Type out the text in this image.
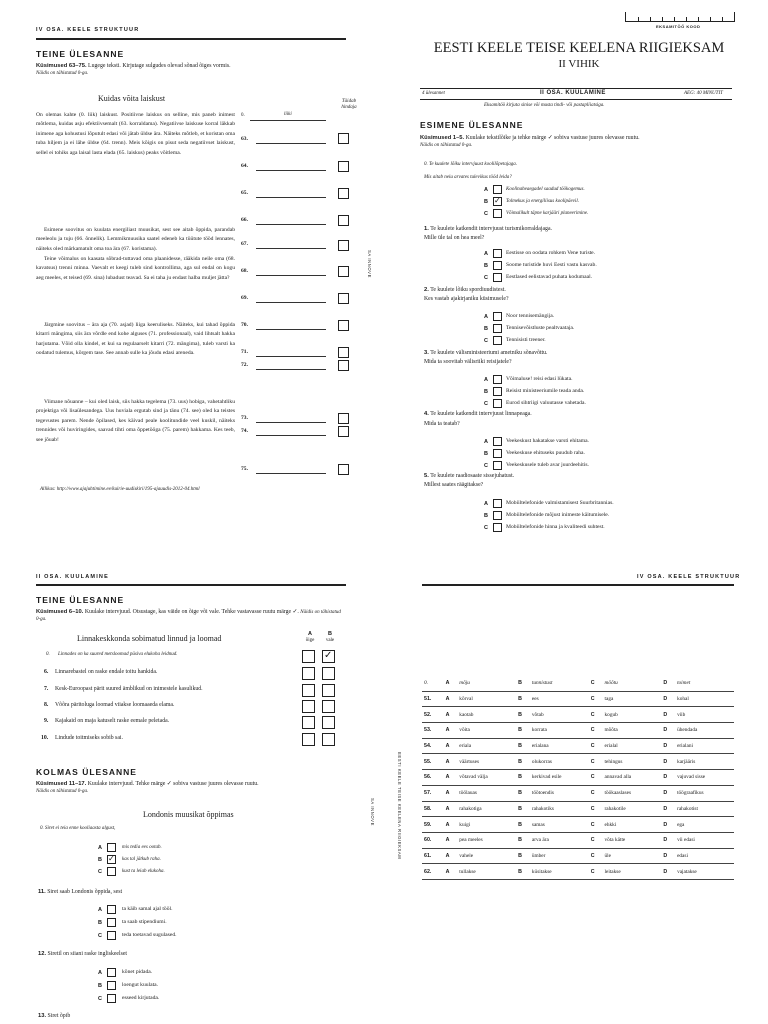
IV OSA. KEELE STRUKTUUR
TEINE ÜLESANNE
Küsimused 63–75. Lugege teksti. Kirjutage sulgudes olevad sõnad õiges vormis.
Näidis on tähistatud 0-ga.
Kuidas võita laiskust	Täidab
hindaja
On olemas kahte (0. liik) laiskust. Positiivne laiskus on selline, mis paneb inimest mõtlema, kuidas asju efektiivsemalt (63. korraldama). Negatiivse laiskuse korral läkkab inimene aga kohustusi lõputult edasi või jätab üldse ära. Näiteks mõtleb, et koristan oma tuba hiljem ja ei lähe üldse (64. trenn). Meis kõigis on pisut seda negatiivset laiskust, sellel ei tohiks aga laisal lasta elada (65. laiskus) peaks võitlema.
Esimene soovitus on kuulata energiliast muusikat, sest see aitab õppida, parandab meeleolu ja tuju (66. õnnelik). Lemmikmuusika saatel edeneb ka tüütute tööd lennates, näiteks oled märkamatult oma toa ära (67. koristama).
Teine võimalus on kaasata sõbrad-tuttavad oma plaanidesse, rääkida neile oma (68. kavatsus) trenni minna. Vaevalt et keegi tuleb sind kontrollima, aga sul endal on kogu aeg meeles, et teised (69. sina) lubadust teavad. Sa ei taha ju endast halba muljet jätta?
Järgmine soovitus – ära aja (70. asjad) liiga keeruliseks. Näiteks, kui tahad õppida kitarri mängima, siis ära võrdle end kohe alguses (71. professionaal), vaid lihtsalt hakka harjutama. Võid olla kindel, et kui sa regulaarselt kitarri (72. mängima), tuleb varsti ka oodatud tulemus, kõrgem tase. See annab sulle ka jõudu edasi areneda.
Viimane nõuanne – kui oled laisk, siis hakka tegelema (73. uus) hobiga, vahetahtliku projektiga või lisaülesandega. Uus huviala ergutab sind ja tänu (74. see) oled ka teistes tegevustes parem. Nende õpilased, kes käivad peale koolitundide veel kuskil, näiteks trennides või huviringides, saavad tihti oma õppetööga (75. parem) hakkama. Kes teeb, see jõuab!
SA INNOVE
0.	liiki
63.
64.
65.
66.
67.
68.
69.
70.
71.
72.
73.
74.
75.
Allikas: http://www.ajajuhtimine.ee/kuirie-uudiskiri/195-ajauudis-2012-04.html
EKSAMITÖÖ KOOD
EESTI KEELE TEISE KEELENA RIIGIEKSAM
II VIHIK
4 ülesannet	II OSA. KUULAMINE	AEG: 40 MINUTIT
Eksamitöö kirjuta sinise või musta tindi- või pastapliiatsiga.
ESIMENE ÜLESANNE
Küsimused 1–5. Kuulake tekstilõike ja tehke märge ✓ sobiva vastuse juures olevasse ruutu.
Näidis on tähistatud 0-ga.
0. Te kuulete lõiku intervjuust koolilõpetajaga.
Mis aitab neiu arvates tulevikus tööd leida?
A	Koolinaheaegadel saadud töökogemus.
B ✓ Tolmekus ja energiliisus koolipäevil.
C	Võimalikult täpne karjääri planeerimine.
1. Te kuulete katkendit intervjuust turismikorraldajaga.
Mille üle tal on hea meel?
A	Eestisse on oodata rohkem Vene turiste.
B	Soome turistide huvi Eesti vastu kasvab.
C	Eestlased eelistavad puhata kodumaal.
2. Te kuulete lõiku spordiuudistest.
Kes vastab ajakirjaniku küsimusele?
A	Noor tennisemängija.
B	Tennisevõistluste pealtvaataja.
C	Tennisisti treener.
3. Te kuulete välisministeeriumi ametniku sõnavõttu.
Mida ta soovitab välisriiki reisijatele?
A	Võimaluse! reisi edasi lükata.
B	Reisist ministeeriumile teada anda.
C	Eurod sihtriigi valuutasse vahetada.
4. Te kuulete katkendit intervjuust linnapeaga.
Mida ta teatab?
A	Veekeskust hakatakse varsti ehitama.
B	Veekeskuse ehituseks puudub raha.
C	Veekeskusele tuleb avar juurdeehitis.
5. Te kuulete raadiosaate sissejuhatust.
Millest saates räägitakse?
A	Mobiiltelefonide valmistamisest Suurbritannias.
B	Mobiiltelefonide mõjust inimeste käitumisele.
C	Mobiiltelefonide hinna ja kvaliteedi suhtest.
II OSA. KUULAMINE
TEINE ÜLESANNE
Küsimused 6–10. Kuulake intervjuud. Otsustage, kas väide on õige või vale. Tehke vastavasse ruutu märge ✓. Näidis on tähistatud 0-ga.
Linnakeskkonda sobimatud linnud ja loomad	A
õige
B
vale
0. Linnades on ka suured metsloomad püsiva elukoha leidnud.	✓
6. Linnarebastel on raske endale toitu hankida.
7. Kesk-Euroopast pärit suured ämblikud on inimestele kasulikud.
8. Võõra päritoluga loomad viiakse loomaaeda elama.
9. Kajakaid on maja katuselt raske eemale peletada.
10. Lindude toitmiseks sobib sai.
KOLMAS ÜLESANNE
Küsimused 11–17. Kuulake intervjuud. Tehke märge ✓ sobiva vastuse juures olevasse ruutu.
Näidis on tähistatud 0-ga.
Londonis muusikat õppimas
0. Siret ei teia enne kooliaasta algust,
A	mis tedia ees ootab.
B ✓ kas tal jätkub raha.
C	kust ta leiab elukoha.
11. Siret saab Londonis õppida, sest
A	ta käib samal ajal tööl.
B	ta saab stipendiumi.
C	teda toetavad sugulased.
12. Siretil on siiani raske ingliskeelset
A	kõnet pidada.
B	loengut kuulata.
C	esseed kirjutada.
13. Siret õpib
SA INNOVE
IV OSA. KEELE STRUKTUUR
EESTI KEELE TEISE KEELENA RIIGIEKSAM
0.	A	mõju	B	tunnistust	C	mõõtu	D	toimet
51.	A	kõrval	B	ees	C	taga	D	kohal
52.	A	kaotab	B	võtab	C	kogub	D	viib
53.	A	võita	B	korrata	C	mõõta	D	ühendada
54.	A	eriala	B	erialana	C	erialal	D	erialani
55.	A	väärtuses	B	olukorras	C	tehingus	D	karjääris
56.	A	võtavad välja	B	kerkivad esile	C	annavad alla	D	vajuvad sisse
57.	A	töölauas	B	töötoendis	C	töökaaslases	D	töögraafikus
58.	A	rahakotiga	B	rahakotiks	C	rahakotile	D	rahakotist
59.	A	kuigi	B	samas	C	ehkki	D	ega
60.	A	pea meeles	B	arva ära	C	võta kätte	D	vii edasi
61.	A	vahele	B	ümber	C	üle	D	edasi
62.	A	tullakse	B	küsitakse	C	leitakse	D	vajatakse
